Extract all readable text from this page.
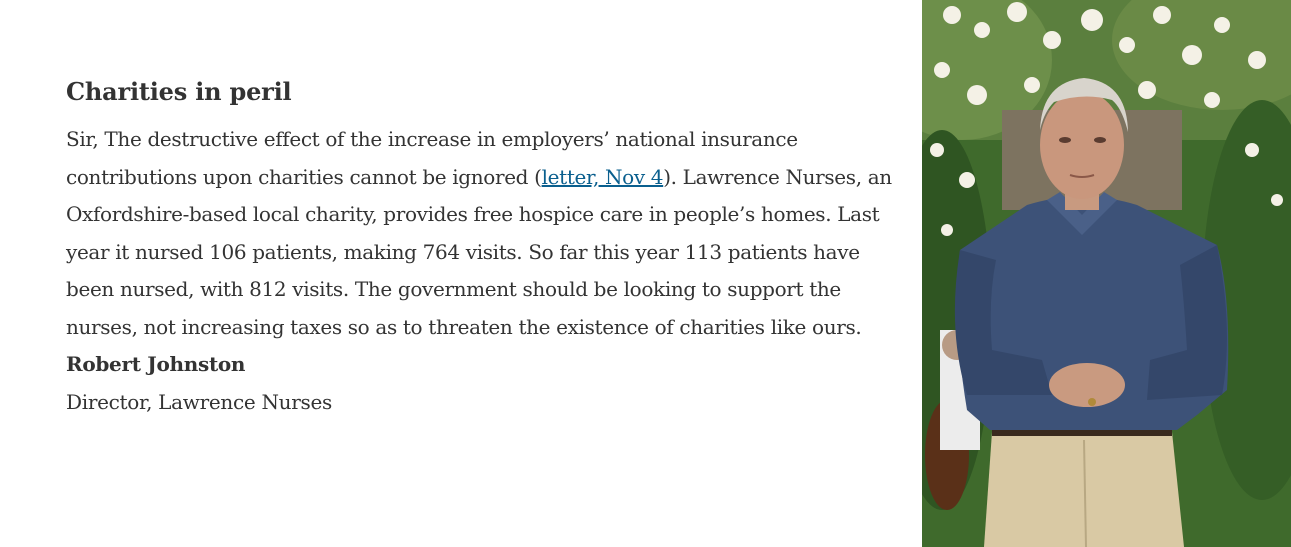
Charities in peril

Sir, The destructive effect of the increase in employers’ national insurance contributions upon charities cannot be ignored (letter, Nov 4). Lawrence Nurses, an Oxfordshire-based local charity, provides free hospice care in people’s homes. Last year it nursed 106 patients, making 764 visits. So far this year 113 patients have been nursed, with 812 visits. The government should be looking to support the nurses, not increasing taxes so as to threaten the existence of charities like ours.

Robert Johnston

Director, Lawrence Nurses
